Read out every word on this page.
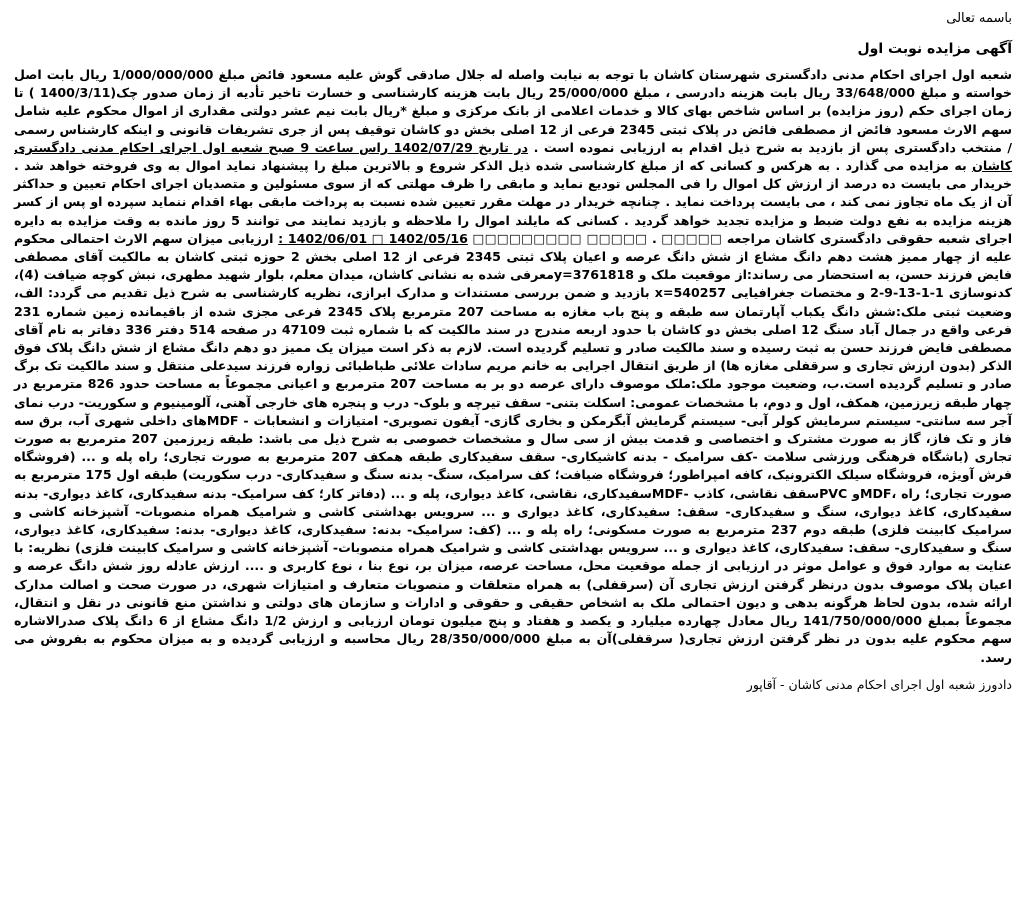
باسمه تعالی
آگهی مزایده نوبت اول

شعبه اول اجرای احکام مدنی دادگستری شهرستان کاشان با توجه به نیابت واصله له جلال صادقی گوش علیه مسعود فائض مبلغ 1/000/000/000 ریال بابت اصل خواسته و مبلغ 33/648/000 ریال بابت هزینه دادرسی ، مبلغ 25/000/000 ریال بابت هزینه کارشناسی و خسارت تاخیر تأدیه از زمان صدور چک(1400/3/11 ) تا زمان اجرای حکم (روز مزایده) بر اساس شاخص بهای کالا و خدمات اعلامی از بانک مرکزی و مبلغ *ریال بابت نیم عشر دولتی مقداری از اموال محکوم علیه شامل سهم الارث مسعود فائض از مصطفی فائض در پلاک ثبتی 2345 فرعی از 12 اصلی بخش دو کاشان توقیف پس از جری تشریفات قانونی و اینکه کارشناس رسمی / منتخب دادگستری پس از بازدید به شرح ذیل اقدام به ارزیابی نموده است . در تاریخ 1402/07/29 راس ساعت 9 صبح شعبه اول اجرای احکام مدنی دادگستری کاشان به مزایده می گذارد . به هرکس و کسانی که از مبلغ کارشناسی شده ذیل الذکر شروع و بالاترین مبلغ را پیشنهاد نماید اموال به وی فروخته خواهد شد . خریدار می بایست ده درصد از ارزش کل اموال را فی المجلس تودیع نماید و مابقی را ظرف مهلتی که از سوی مسئولین و متصدیان اجرای احکام تعیین و حداکثر آن از یک ماه تجاوز نمی کند ، می بایست پرداخت نماید . چنانچه خریدار در مهلت مقرر تعیین شده نسبت به پرداخت مابقی بهاء اقدام ننماید سپرده او پس از کسر هزینه مزایده به نفع دولت ضبط و مزایده تجدید خواهد گردید . کسانی که مایلند اموال را ملاحظه و بازدید نمایند می توانند 5 روز مانده به وقت مزایده به دایره اجرای شعبه حقوقی دادگستری کاشان مراجعه □□□□□ . □□□□□ □□□□□□□□□ 1402/05/16 □ 1402/06/01 : ارزیابی میزان سهم الارث احتمالی محکوم علیه از چهار ممیز هشت دهم دانگ مشاع از شش دانگ عرصه و اعیان پلاک ثبتی 2345 فرعی از 12 اصلی بخش 2 حوزه ثبتی کاشان به مالکیت آقای مصطفی فایض فرزند حسن، به استحضار می رساند:از موقعیت ملک و 3761818=yمعرفی شده به نشانی کاشان، میدان معلم، بلوار شهید مطهری، نبش کوچه ضیافت (4)، کدنوسازی 1-1-13-9-2 و مختصات جغرافیایی x=540257 بازدید و ضمن بررسی مستندات و مدارک ابرازی، نظریه کارشناسی به شرح ذیل تقدیم می گردد: الف، وضعیت ثبتی ملک:شش دانگ یکباب آپارتمان سه طبقه و پنج باب مغازه به مساحت 207 مترمربع پلاک 2345 فرعی مجزی شده از باقیمانده زمین شماره 231 فرعی واقع در جمال آباد سنگ 12 اصلی بخش دو کاشان با حدود اربعه مندرج در سند مالکیت که با شماره ثبت 47109 در صفحه 514 دفتر 336 دفاتر به نام آقای مصطفی فایض فرزند حسن به ثبت رسیده و سند مالکیت صادر و تسلیم گردیده است. لازم به ذکر است میزان یک ممیز دو دهم دانگ مشاع از شش دانگ پلاک فوق الذکر (بدون ارزش تجاری و سرقفلی مغازه ها) از طریق انتقال اجرایی به خانم مریم سادات علائی طباطبائی زواره فرزند سیدعلی منتقل و سند مالکیت تک برگ صادر و تسلیم گردیده است.ب، وضعیت موجود ملک:ملک موصوف دارای عرصه دو بر به مساحت 207 مترمربع و اعیانی مجموعاً به مساحت حدود 826 مترمربع در چهار طبقه زیرزمین، همکف، اول و دوم، با مشخصات عمومی: اسکلت بتنی- سقف تیرچه و بلوک- درب و پنجره های خارجی آهنی، آلومینیوم و سکوریت- درب نمای آجر سه سانتی- سیستم سرمایش کولر آبی- سیستم گرمایش آبگرمکن و بخاری گازی- آیفون تصویری- امتیازات و انشعابات - MDFهای داخلی شهری آب، برق سه فاز و تک فاز، گاز به صورت مشترک و اختصاصی و قدمت بیش از سی سال و مشخصات خصوصی به شرح ذیل می باشد: طبقه زیرزمین 207 مترمربع به صورت تجاری (باشگاه فرهنگی ورزشی سلامت -کف سرامیک - بدنه کاشیکاری- سقف سفیدکاری طبقه همکف 207 مترمربع به صورت تجاری؛ راه پله و ... (فروشگاه فرش آویژه، فروشگاه سیلک الکترونیک، کافه امپراطور؛ فروشگاه ضیافت؛ کف سرامیک، سنگ- بدنه سنگ و سفیدکاری- درب سکوریت) طبقه اول 175 مترمربع به صورت تجاری؛ راه ،MDFو PVCسقف نقاشی، کاذب -MDFسفیدکاری، نقاشی، کاغذ دیواری، پله و ... (دفاتر کار؛ کف سرامیک- بدنه سفیدکاری، کاغذ دیواری- بدنه سفیدکاری، کاغذ دیواری، سنگ و سفیدکاری- سقف: سفیدکاری، کاغذ دیواری و ... سرویس بهداشتی کاشی و شرامیک همراه منصوبات- آشپزخانه کاشی و سرامیک کابینت فلزی) طبقه دوم 237 مترمربع به صورت مسکونی؛ راه پله و ... (کف: سرامیک- بدنه: سفیدکاری، کاغذ دیواری- بدنه: سفیدکاری، کاغذ دیواری، سنگ و سفیدکاری- سقف: سفیدکاری، کاغذ دیواری و ... سرویس بهداشتی کاشی و شرامیک همراه منصوبات- آشپزخانه کاشی و سرامیک کابینت فلزی) نظریه: با عنایت به موارد فوق و عوامل موثر در ارزیابی از جمله موقعیت محل، مساحت عرصه، میزان بر، نوع بنا ، نوع کاربری و .... ارزش عادله روز شش دانگ عرصه و اعیان پلاک موصوف بدون درنظر گرفتن ارزش تجاری آن (سرقفلی) به همراه متعلقات و منصوبات متعارف و امتیازات شهری، در صورت صحت و اصالت مدارک ارائه شده، بدون لحاظ هرگونه بدهی و دیون احتمالی ملک به اشخاص حقیقی و حقوقی و ادارات و سازمان های دولتی و نداشتن منع قانونی در نقل و انتقال، مجموعاً بمبلغ 141/750/000/000 ریال معادل چهارده میلیارد و یکصد و هفتاد و پنج میلیون تومان ارزیابی و ارزش 1/2 دانگ مشاع از 6 دانگ پلاک صدرالاشاره سهم محکوم علیه بدون در نظر گرفتن ارزش تجاری( سرقفلی)آن به مبلغ 28/350/000/000 ریال محاسبه و ارزیابی گردیده و به میزان محکوم به بفروش می رسد.

دادورز شعبه اول اجرای احکام مدنی کاشان - آقاپور
